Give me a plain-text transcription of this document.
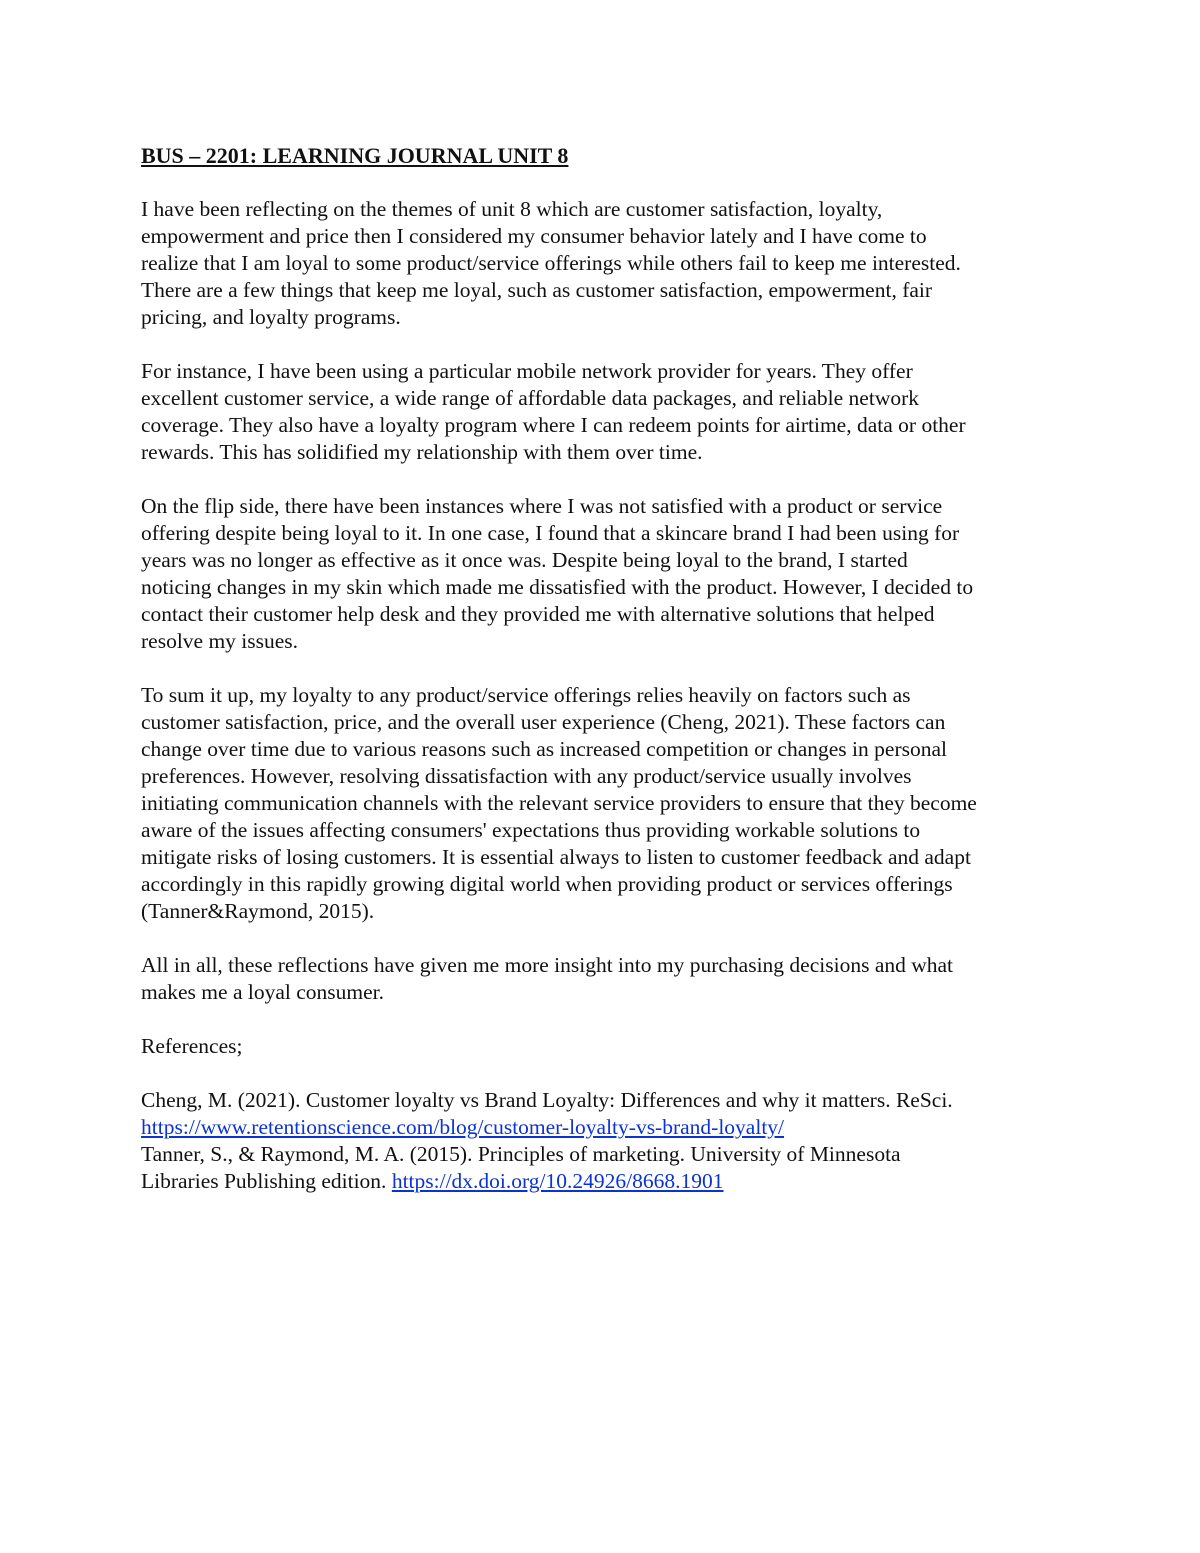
BUS – 2201: LEARNING JOURNAL UNIT 8
I have been reflecting on the themes of unit 8 which are customer satisfaction, loyalty,
empowerment and price then I considered my consumer behavior lately and I have come to
realize that I am loyal to some product/service offerings while others fail to keep me interested.
There are a few things that keep me loyal, such as customer satisfaction, empowerment, fair
pricing, and loyalty programs.
For instance, I have been using a particular mobile network provider for years. They offer
excellent customer service, a wide range of affordable data packages, and reliable network
coverage. They also have a loyalty program where I can redeem points for airtime, data or other
rewards. This has solidified my relationship with them over time.
On the flip side, there have been instances where I was not satisfied with a product or service
offering despite being loyal to it. In one case, I found that a skincare brand I had been using for
years was no longer as effective as it once was. Despite being loyal to the brand, I started
noticing changes in my skin which made me dissatisfied with the product. However, I decided to
contact their customer help desk and they provided me with alternative solutions that helped
resolve my issues.
To sum it up, my loyalty to any product/service offerings relies heavily on factors such as
customer satisfaction, price, and the overall user experience (Cheng, 2021). These factors can
change over time due to various reasons such as increased competition or changes in personal
preferences. However, resolving dissatisfaction with any product/service usually involves
initiating communication channels with the relevant service providers to ensure that they become
aware of the issues affecting consumers' expectations thus providing workable solutions to
mitigate risks of losing customers. It is essential always to listen to customer feedback and adapt
accordingly in this rapidly growing digital world when providing product or services offerings
(Tanner&Raymond, 2015).
All in all, these reflections have given me more insight into my purchasing decisions and what
makes me a loyal consumer.
References;
Cheng, M. (2021). Customer loyalty vs Brand Loyalty: Differences and why it matters. ReSci.
https://www.retentionscience.com/blog/customer-loyalty-vs-brand-loyalty/
Tanner, S., & Raymond, M. A. (2015). Principles of marketing. University of Minnesota
Libraries Publishing edition. https://dx.doi.org/10.24926/8668.1901
